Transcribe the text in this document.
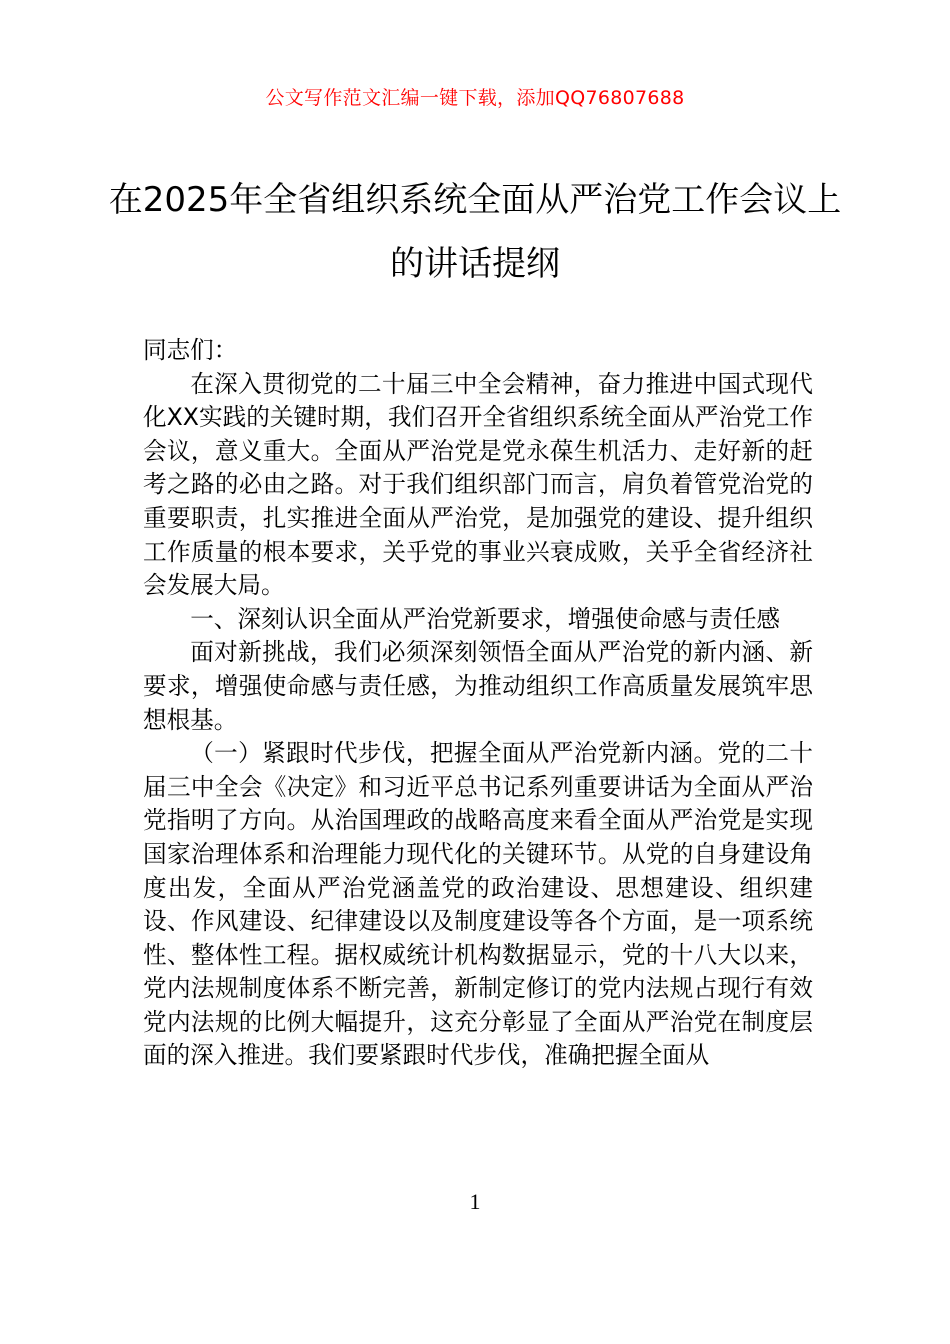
公文写作范文汇编一键下载，添加QQ76807688
在2025年全省组织系统全面从严治党工作会议上的讲话提纲

同志们：

在深入贯彻党的二十届三中全会精神，奋力推进中国式现代化XX实践的关键时期，我们召开全省组织系统全面从严治党工作会议，意义重大。全面从严治党是党永葆生机活力、走好新的赶考之路的必由之路。对于我们组织部门而言，肩负着管党治党的重要职责，扎实推进全面从严治党，是加强党的建设、提升组织工作质量的根本要求，关乎党的事业兴衰成败，关乎全省经济社会发展大局。

一、深刻认识全面从严治党新要求，增强使命感与责任感

面对新挑战，我们必须深刻领悟全面从严治党的新内涵、新要求，增强使命感与责任感，为推动组织工作高质量发展筑牢思想根基。

（一）紧跟时代步伐，把握全面从严治党新内涵。党的二十届三中全会《决定》和习近平总书记系列重要讲话为全面从严治党指明了方向。从治国理政的战略高度来看全面从严治党是实现国家治理体系和治理能力现代化的关键环节。从党的自身建设角度出发，全面从严治党涵盖党的政治建设、思想建设、组织建设、作风建设、纪律建设以及制度建设等各个方面，是一项系统性、整体性工程。据权威统计机构数据显示，党的十八大以来，党内法规制度体系不断完善，新制定修订的党内法规占现行有效党内法规的比例大幅提升，这充分彰显了全面从严治党在制度层面的深入推进。我们要紧跟时代步伐，准确把握全面从

1
